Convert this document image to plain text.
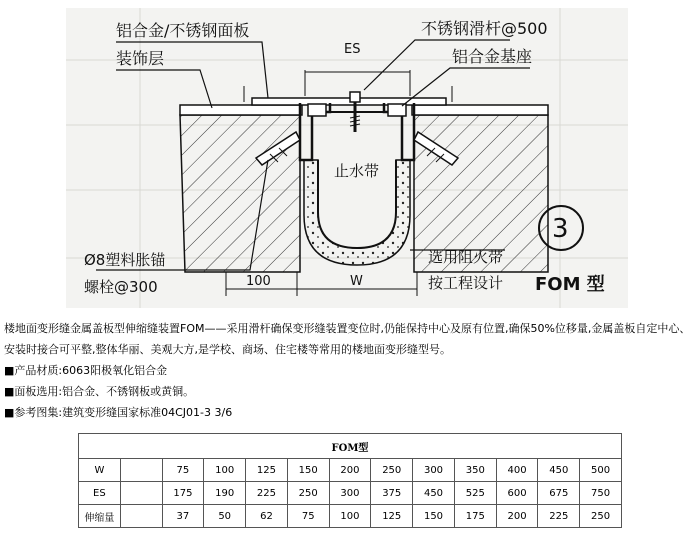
铝合金/不锈钢面板
装饰层	ES
不锈钢滑杆@500
铝合金基座
止水带
Ø8塑料胀锚
螺栓@300	100	W
选用阻火带
按工程设计
3
FOM 型

楼地面变形缝金属盖板型伸缩缝装置FOM——采用滑杆确保变形缝装置变位时,仍能保持中心及原有位置,确保50%位移量,金属盖板自定中心、安装时接合可平整,整体华丽、美观大方,是学校、商场、住宅楼等常用的楼地面变形缝型号。

■产品材质:6063阳极氧化铝合金

■面板选用:铝合金、不锈钢板或黄铜。

■参考图集:建筑变形缝国家标准04CJ01-3 3/6

FOM型												
W		75	100	125	150	200	250	300	350	400	450	500
ES		175	190	225	250	300	375	450	525	600	675	750
伸缩量		37	50	62	75	100	125	150	175	200	225	250
